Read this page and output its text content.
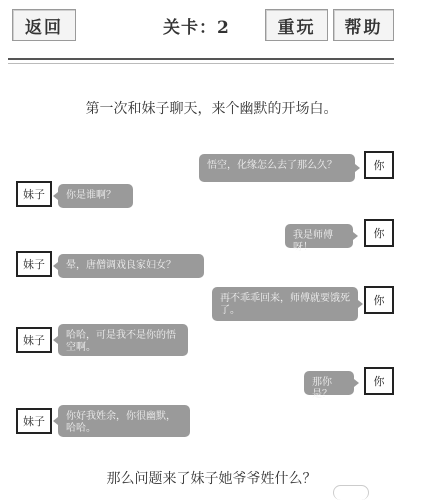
返回	关卡：2	重玩	帮助
第一次和妹子聊天，来个幽默的开场白。
悟空，化缘怎么去了那么久？	你
妹子	你是谁啊？
我是师傅呀！
你
妹子	晕，唐僧调戏良家妇女？
再不乖乖回来，师傅就要饿死了。
你
妹子	哈哈，可是我不是你的悟空啊。
那你是？
你
妹子	你好我姓余，你很幽默，哈哈。
那么问题来了妹子她爷爷姓什么？
